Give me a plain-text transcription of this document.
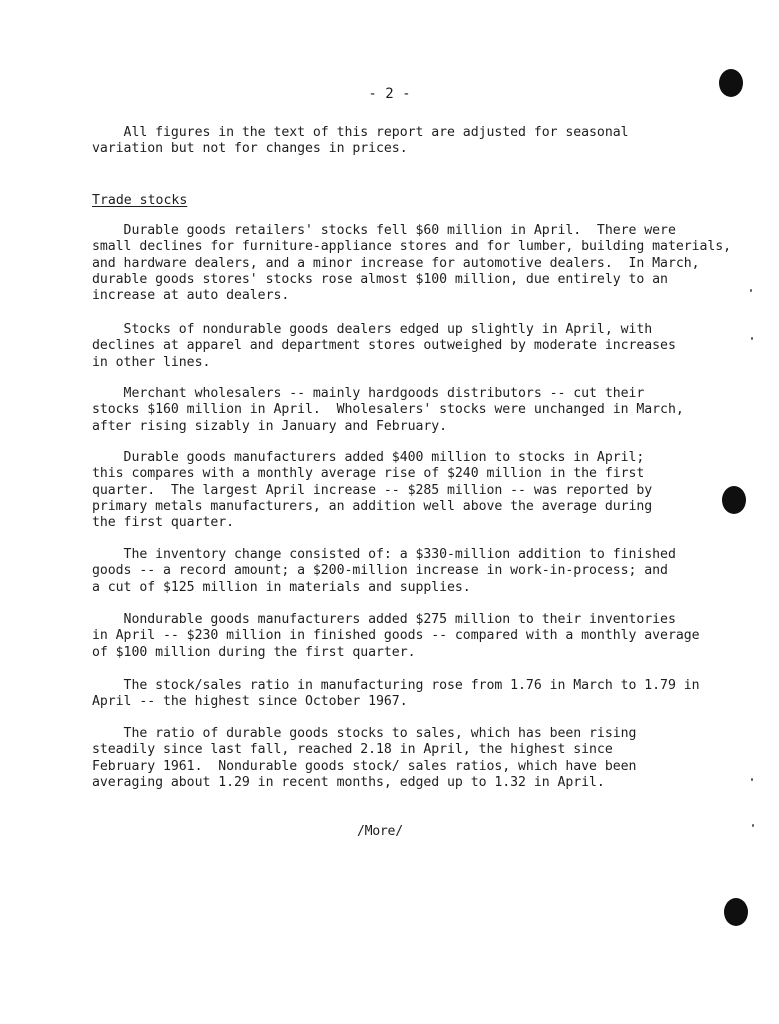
- 2 -
All figures in the text of this report are adjusted for seasonal
variation but not for changes in prices.
Trade stocks
Durable goods retailers' stocks fell $60 million in April.  There were
small declines for furniture-appliance stores and for lumber, building materials,
and hardware dealers, and a minor increase for automotive dealers.  In March,
durable goods stores' stocks rose almost $100 million, due entirely to an
increase at auto dealers.
Stocks of nondurable goods dealers edged up slightly in April, with
declines at apparel and department stores outweighed by moderate increases
in other lines.
Merchant wholesalers -- mainly hardgoods distributors -- cut their
stocks $160 million in April.  Wholesalers' stocks were unchanged in March,
after rising sizably in January and February.
Durable goods manufacturers added $400 million to stocks in April;
this compares with a monthly average rise of $240 million in the first
quarter.  The largest April increase -- $285 million -- was reported by
primary metals manufacturers, an addition well above the average during
the first quarter.
The inventory change consisted of: a $330-million addition to finished
goods -- a record amount; a $200-million increase in work-in-process; and
a cut of $125 million in materials and supplies.
Nondurable goods manufacturers added $275 million to their inventories
in April -- $230 million in finished goods -- compared with a monthly average
of $100 million during the first quarter.
The stock/sales ratio in manufacturing rose from 1.76 in March to 1.79 in
April -- the highest since October 1967.
The ratio of durable goods stocks to sales, which has been rising
steadily since last fall, reached 2.18 in April, the highest since
February 1961.  Nondurable goods stock/ sales ratios, which have been
averaging about 1.29 in recent months, edged up to 1.32 in April.
/More/
